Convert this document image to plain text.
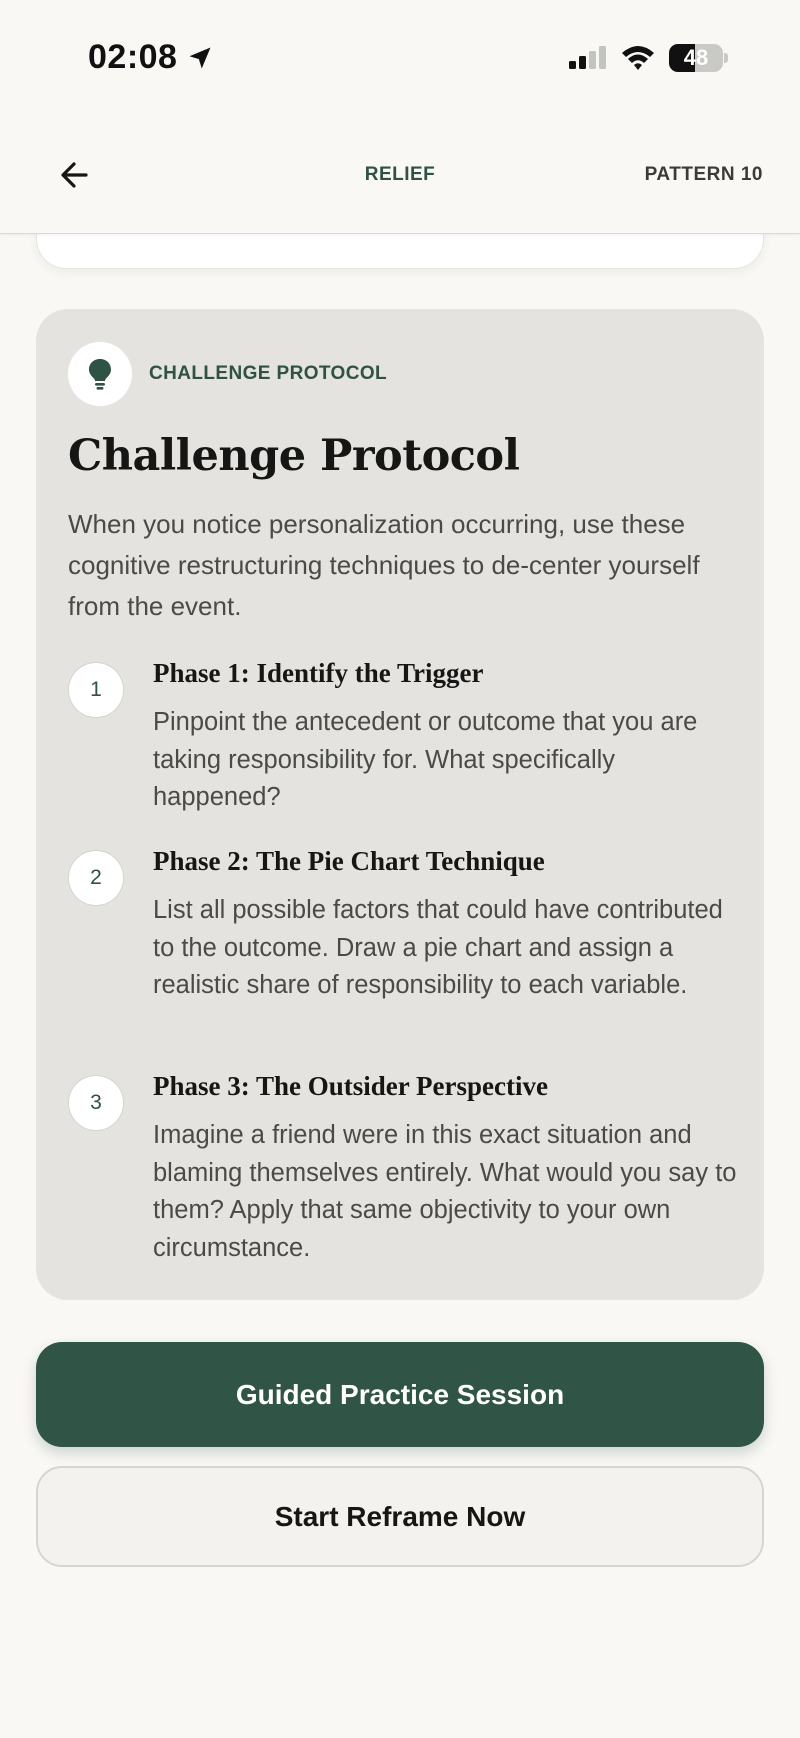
02:08	48
RELIEF	PATTERN 10
CHALLENGE PROTOCOL
Challenge Protocol
When you notice personalization occurring, use these cognitive restructuring techniques to de-center yourself from the event.
1
Phase 1: Identify the Trigger
Pinpoint the antecedent or outcome that you are taking responsibility for. What specifically happened?
2
Phase 2: The Pie Chart Technique
List all possible factors that could have contributed to the outcome. Draw a pie chart and assign a realistic share of responsibility to each variable.
3
Phase 3: The Outsider Perspective
Imagine a friend were in this exact situation and blaming themselves entirely. What would you say to them? Apply that same objectivity to your own circumstance.
Guided Practice Session
Start Reframe Now
